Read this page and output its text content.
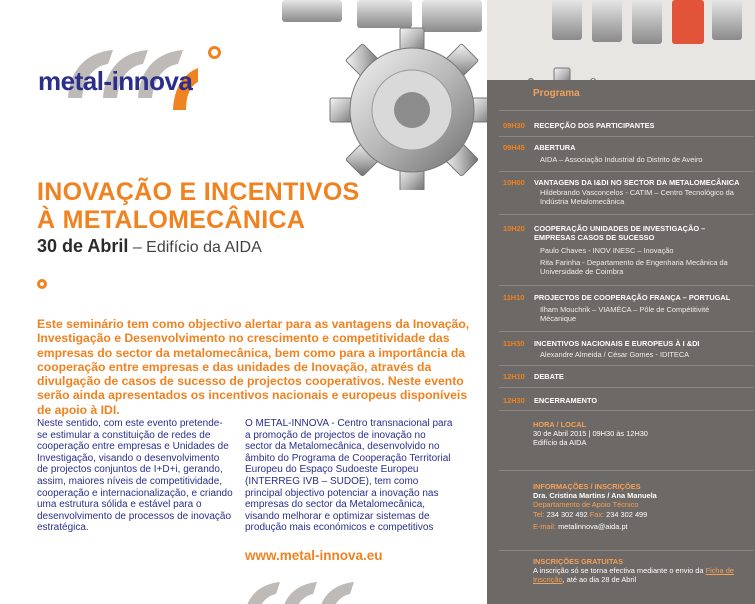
metal-innova
INOVAÇÃO E INCENTIVOS
À METALOMECÂNICA
30 de Abril – Edifício da AIDA
Este seminário tem como objectivo alertar para as vantagens da Inovação, Investigação e Desenvolvimento no crescimento e competitividade das empresas do sector da metalomecânica, bem como para a importância da cooperação entre empresas e das unidades de Inovação, através da divulgação de casos de sucesso de projectos cooperativos. Neste evento serão ainda apresentados os incentivos nacionais e europeus disponíveis de apoio à IDI.
Neste sentido, com este evento pretende-se estimular a constituição de redes de cooperação entre empresas e Unidades de Investigação, visando o desenvolvimento de projectos conjuntos de I+D+i, gerando, assim, maiores níveis de competitividade, cooperação e internacionalização, e criando uma estrutura sólida e estável para o desenvolvimento de processos de inovação estratégica.
O METAL-INNOVA - Centro transnacional para a promoção de projectos de inovação no sector da Metalomecânica, desenvolvido no âmbito do Programa de Cooperação Territorial Europeu do Espaço Sudoeste Europeu (INTERREG IVB – SUDOE), tem como principal objectivo potenciar a inovação nas empresas do sector da Metalomecânica, visando melhorar e optimizar sistemas de produção mais económicos e competitivos
www.metal-innova.eu
Programa
09H30 RECEPÇÃO DOS PARTICIPANTES
09H45 ABERTURA
AIDA – Associação Industrial do Distrito de Aveiro
10H00 VANTAGENS DA I&DI NO SECTOR DA METALOMECÂNICA
Hildebrando Vasconcelos - CATIM – Centro Tecnológico da Indústria Metalomecânica
10H20 COOPERAÇÃO UNIDADES DE INVESTIGAÇÃO – EMPRESAS CASOS DE SUCESSO
Paulo Chaves - INOV INESC – Inovação
Rita Farinha - Departamento de Engenharia Mecânica da Universidade de Coimbra
11H10 PROJECTOS DE COOPERAÇÃO FRANÇA – PORTUGAL
Ilham Mouchrik – VIAMÉCA – Pôle de Compétitivité Mécanique
11H30 INCENTIVOS NACIONAIS E EUROPEUS À I &DI
Alexandre Almeida / César Gomes - IDITECA
12H10 DEBATE
12H30 ENCERRAMENTO
HORA / LOCAL
30 de Abril 2015 | 09H30 às 12H30
Edifício da AIDA
INFORMAÇÕES / INSCRIÇÕES
Dra. Cristina Martins / Ana Manuela
Departamento de Apoio Técnico
Tel: 234 302 492 Fax: 234 302 499
E-mail: metalinnova@aida.pt
INSCRIÇÕES GRATUITAS
A inscrição só se torna efectiva mediante o envio da Ficha de Inscrição, até ao dia 28 de Abril
